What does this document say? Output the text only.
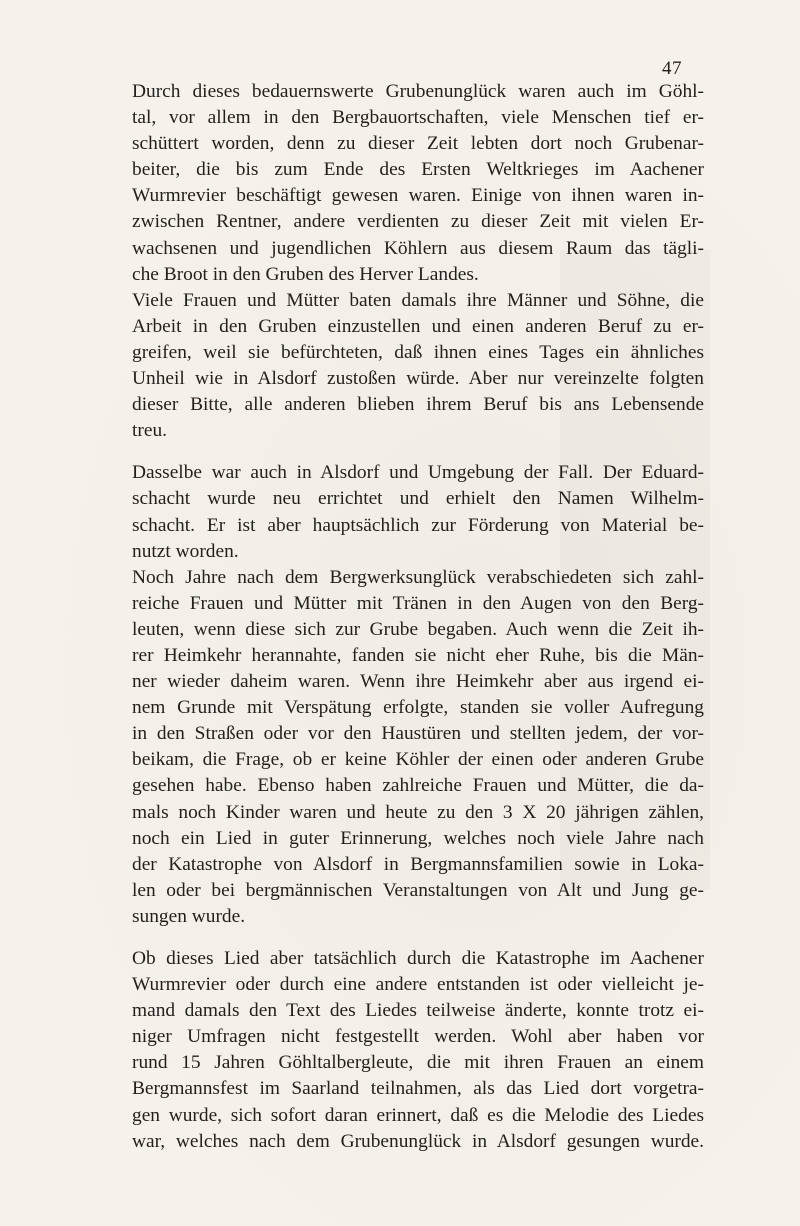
47

Durch dieses bedauernswerte Grubenunglück waren auch im Göhl-
tal, vor allem in den Bergbauortschaften, viele Menschen tief er-
schüttert worden, denn zu dieser Zeit lebten dort noch Grubenar-
beiter, die bis zum Ende des Ersten Weltkrieges im Aachener
Wurmrevier beschäftigt gewesen waren. Einige von ihnen waren in-
zwischen Rentner, andere verdienten zu dieser Zeit mit vielen Er-
wachsenen und jugendlichen Köhlern aus diesem Raum das tägli-
che Broot in den Gruben des Herver Landes.

Viele Frauen und Mütter baten damals ihre Männer und Söhne, die
Arbeit in den Gruben einzustellen und einen anderen Beruf zu er-
greifen, weil sie befürchteten, daß ihnen eines Tages ein ähnliches
Unheil wie in Alsdorf zustoßen würde. Aber nur vereinzelte folgten
dieser Bitte, alle anderen blieben ihrem Beruf bis ans Lebensende
treu.

Dasselbe war auch in Alsdorf und Umgebung der Fall. Der Eduard-
schacht wurde neu errichtet und erhielt den Namen Wilhelm-
schacht. Er ist aber hauptsächlich zur Förderung von Material be-
nutzt worden.

Noch Jahre nach dem Bergwerksunglück verabschiedeten sich zahl-
reiche Frauen und Mütter mit Tränen in den Augen von den Berg-
leuten, wenn diese sich zur Grube begaben. Auch wenn die Zeit ih-
rer Heimkehr herannahte, fanden sie nicht eher Ruhe, bis die Män-
ner wieder daheim waren. Wenn ihre Heimkehr aber aus irgend ei-
nem Grunde mit Verspätung erfolgte, standen sie voller Aufregung
in den Straßen oder vor den Haustüren und stellten jedem, der vor-
beikam, die Frage, ob er keine Köhler der einen oder anderen Grube
gesehen habe. Ebenso haben zahlreiche Frauen und Mütter, die da-
mals noch Kinder waren und heute zu den 3 X 20 jährigen zählen,
noch ein Lied in guter Erinnerung, welches noch viele Jahre nach
der Katastrophe von Alsdorf in Bergmannsfamilien sowie in Loka-
len oder bei bergmännischen Veranstaltungen von Alt und Jung ge-
sungen wurde.

Ob dieses Lied aber tatsächlich durch die Katastrophe im Aachener
Wurmrevier oder durch eine andere entstanden ist oder vielleicht je-
mand damals den Text des Liedes teilweise änderte, konnte trotz ei-
niger Umfragen nicht festgestellt werden. Wohl aber haben vor
rund 15 Jahren Göhltalbergleute, die mit ihren Frauen an einem
Bergmannsfest im Saarland teilnahmen, als das Lied dort vorgetra-
gen wurde, sich sofort daran erinnert, daß es die Melodie des Liedes
war, welches nach dem Grubenunglück in Alsdorf gesungen wurde.
